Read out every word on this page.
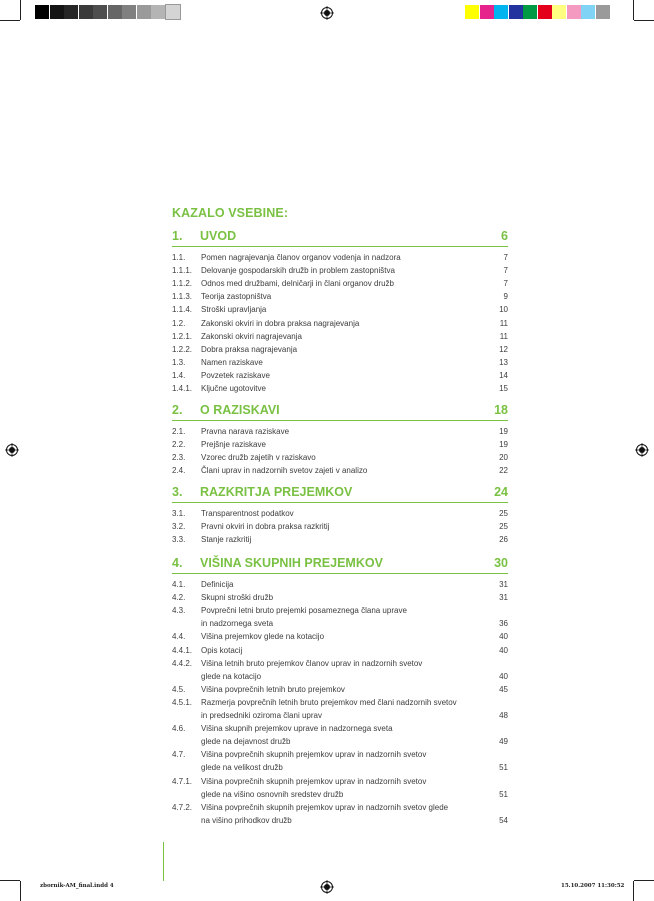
KAZALO VSEBINE:
1. UVOD	6
1.1. Pomen nagrajevanja članov organov vodenja in nadzora	7
1.1.1. Delovanje gospodarskih družb in problem zastopništva	7
1.1.2. Odnos med družbami, delničarji in člani organov družb	7
1.1.3. Teorija zastopništva	9
1.1.4. Stroški upravljanja	10
1.2. Zakonski okviri in dobra praksa nagrajevanja	11
1.2.1. Zakonski okviri nagrajevanja	11
1.2.2. Dobra praksa nagrajevanja	12
1.3. Namen raziskave	13
1.4. Povzetek raziskave	14
1.4.1. Ključne ugotovitve	15
2. O RAZISKAVI	18
2.1. Pravna narava raziskave	19
2.2. Prejšnje raziskave	19
2.3. Vzorec družb zajetih v raziskavo	20
2.4. Člani uprav in nadzornih svetov zajeti v analizo	22
3. RAZKRITJA PREJEMKOV	24
3.1. Transparentnost podatkov	25
3.2. Pravni okviri in dobra praksa razkritij	25
3.3. Stanje razkritij	26
4. VIŠINA SKUPNIH PREJEMKOV	30
4.1. Definicija	31
4.2. Skupni stroški družb	31
4.3. Povprečni letni bruto prejemki posameznega člana uprave
in nadzornega sveta	36
4.4. Višina prejemkov glede na kotacijo	40
4.4.1. Opis kotacij	40
4.4.2. Višina letnih bruto prejemkov članov uprav in nadzornih svetov
glede na kotacijo	40
4.5. Višina povprečnih letnih bruto prejemkov	45
4.5.1. Razmerja povprečnih letnih bruto prejemkov med člani nadzornih svetov
in predsedniki oziroma člani uprav	48
4.6. Višina skupnih prejemkov uprave in nadzornega sveta
glede na dejavnost družb	49
4.7. Višina povprečnih skupnih prejemkov uprav in nadzornih svetov
glede na velikost družb	51
4.7.1. Višina povprečnih skupnih prejemkov uprav in nadzornih svetov
glede na višino osnovnih sredstev družb	51
4.7.2. Višina povprečnih skupnih prejemkov uprav in nadzornih svetov glede
na višino prihodkov družb	54
zbornik-AM_final.indd 4	15.10.2007 11:30:52
